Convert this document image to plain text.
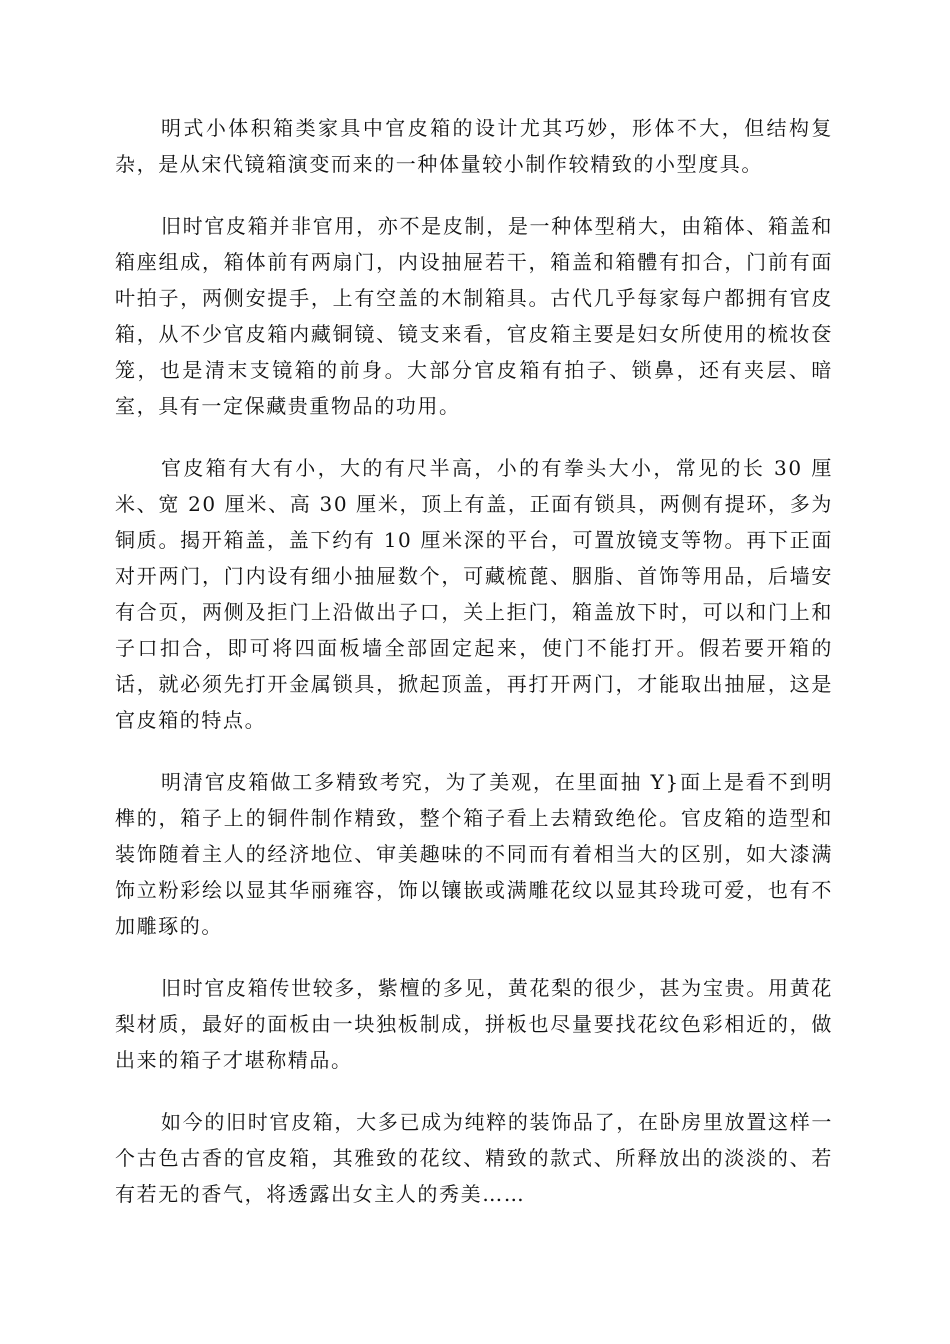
明式小体积箱类家具中官皮箱的设计尤其巧妙，形体不大，但结构复杂，是从宋代镜箱演变而来的一种体量较小制作较精致的小型度具。

旧时官皮箱并非官用，亦不是皮制，是一种体型稍大，由箱体、箱盖和箱座组成，箱体前有两扇门，内设抽屉若干，箱盖和箱體有扣合，门前有面叶拍子，两侧安提手，上有空盖的木制箱具。古代几乎每家每户都拥有官皮箱，从不少官皮箱内藏铜镜、镜支来看，官皮箱主要是妇女所使用的梳妆奁笼，也是清末支镜箱的前身。大部分官皮箱有拍子、锁鼻，还有夹层、暗室，具有一定保藏贵重物品的功用。

官皮箱有大有小，大的有尺半高，小的有拳头大小，常见的长 30 厘米、宽 20 厘米、高 30 厘米，顶上有盖，正面有锁具，两侧有提环，多为铜质。揭开箱盖，盖下约有 10 厘米深的平台，可置放镜支等物。再下正面对开两门，门内设有细小抽屉数个，可藏梳蓖、胭脂、首饰等用品，后墙安有合页，两侧及拒门上沿做出子口，关上拒门，箱盖放下时，可以和门上和子口扣合，即可将四面板墙全部固定起来，使门不能打开。假若要开箱的话，就必须先打开金属锁具，掀起顶盖，再打开两门，才能取出抽屉，这是官皮箱的特点。

明清官皮箱做工多精致考究，为了美观，在里面抽 Y}面上是看不到明榫的，箱子上的铜件制作精致，整个箱子看上去精致绝伦。官皮箱的造型和装饰随着主人的经济地位、审美趣味的不同而有着相当大的区别，如大漆满饰立粉彩绘以显其华丽雍容，饰以镶嵌或满雕花纹以显其玲珑可爱，也有不加雕琢的。

旧时官皮箱传世较多，紫檀的多见，黄花梨的很少，甚为宝贵。用黄花梨材质，最好的面板由一块独板制成，拼板也尽量要找花纹色彩相近的，做出来的箱子才堪称精品。

如今的旧时官皮箱，大多已成为纯粹的装饰品了，在卧房里放置这样一个古色古香的官皮箱，其雅致的花纹、精致的款式、所释放出的淡淡的、若有若无的香气，将透露出女主人的秀美……
